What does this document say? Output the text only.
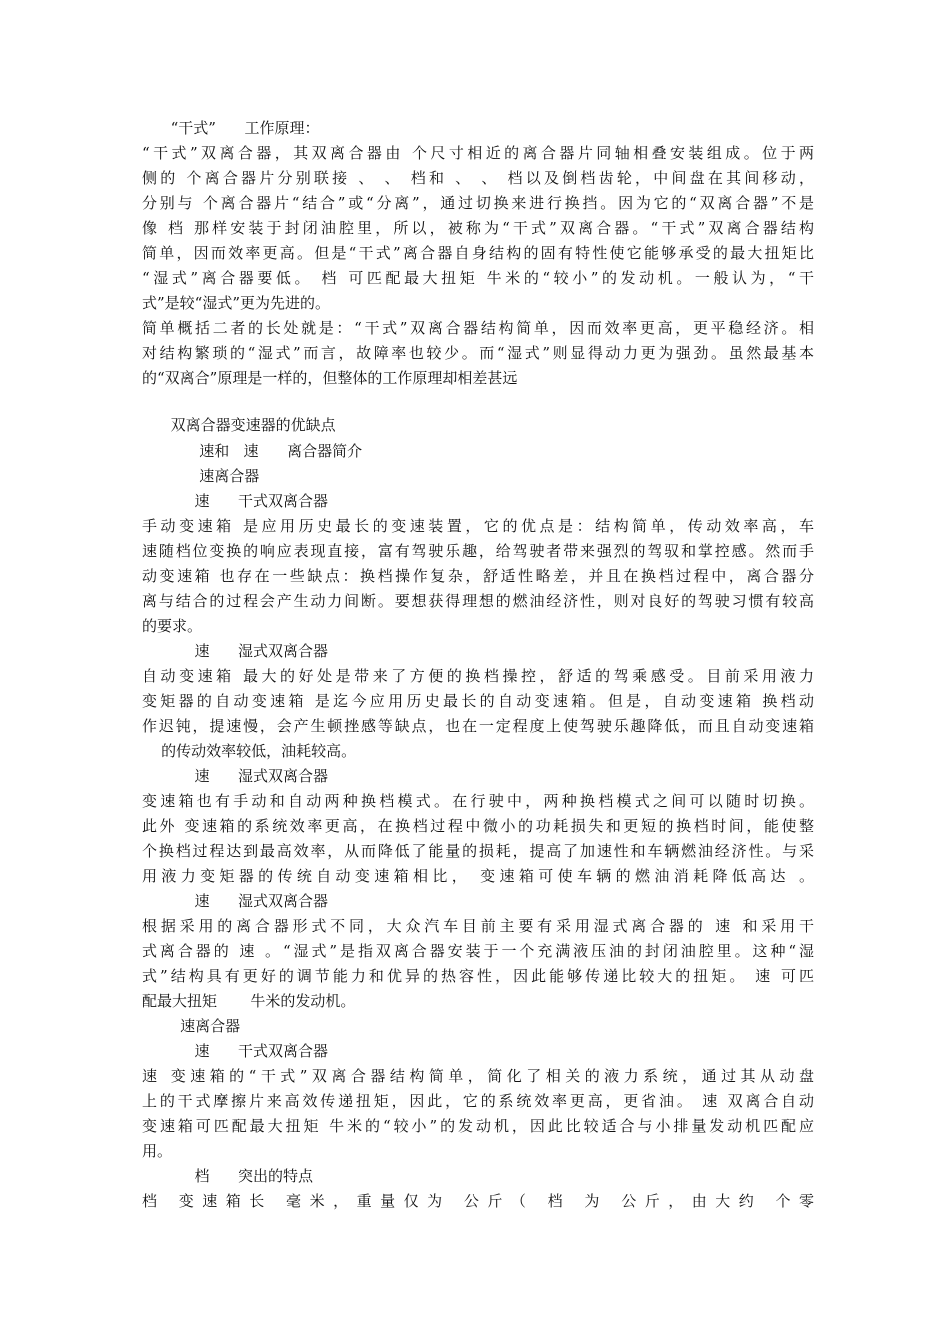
“干式”      工作原理：
“干式”双离合器，其双离合器由 个尺寸相近的离合器片同轴相叠安装组成。位于两
侧的 个离合器片分别联接 、 、 档和 、 、 档以及倒档齿轮，中间盘在其间移动，
分别与 个离合器片“结合”或“分离”，通过切换来进行换挡。因为它的“双离合器”不是
像 档 那样安装于封闭油腔里，所以，被称为“干式”双离合器。“干式”双离合器结构
简单，因而效率更高。但是“干式”离合器自身结构的固有特性使它能够承受的最大扭矩比
“湿式”离合器要低。 档 可匹配最大扭矩 牛米的“较小”的发动机。一般认为，“干
式”是较“湿式”更为先进的。
简单概括二者的长处就是：“干式”双离合器结构简单，因而效率更高，更平稳经济。相
对结构繁琐的“湿式”而言，故障率也较少。而“湿式”则显得动力更为强劲。虽然最基本
的“双离合”原理是一样的，但整体的工作原理却相差甚远
双离合器变速器的优缺点
速和   速      离合器简介
速离合器
速      干式双离合器
手动变速箱 是应用历史最长的变速装置，它的优点是：结构简单，传动效率高，车
速随档位变换的响应表现直接，富有驾驶乐趣，给驾驶者带来强烈的驾驭和掌控感。然而手
动变速箱 也存在一些缺点：换档操作复杂，舒适性略差，并且在换档过程中，离合器分
离与结合的过程会产生动力间断。要想获得理想的燃油经济性，则对良好的驾驶习惯有较高
的要求。
速      湿式双离合器
自动变速箱 最大的好处是带来了方便的换档操控，舒适的驾乘感受。目前采用液力
变矩器的自动变速箱 是迄今应用历史最长的自动变速箱。但是，自动变速箱 换档动
作迟钝，提速慢，会产生顿挫感等缺点，也在一定程度上使驾驶乐趣降低，而且自动变速箱
的传动效率较低，油耗较高。
速      湿式双离合器
变速箱也有手动和自动两种换档模式。在行驶中，两种换档模式之间可以随时切换。
此外 变速箱的系统效率更高，在换档过程中微小的功耗损失和更短的换档时间，能使整
个换档过程达到最高效率，从而降低了能量的损耗，提高了加速性和车辆燃油经济性。与采
用液力变矩器的传统自动变速箱相比， 变速箱可使车辆的燃油消耗降低高达 。
速      湿式双离合器
根据采用的离合器形式不同，大众汽车目前主要有采用湿式离合器的 速 和采用干
式离合器的 速 。“湿式”是指双离合器安装于一个充满液压油的封闭油腔里。这种“湿
式”结构具有更好的调节能力和优异的热容性，因此能够传递比较大的扭矩。 速 可匹
配最大扭矩       牛米的发动机。
速离合器
速      干式双离合器
速 变速箱的“干式”双离合器结构简单，简化了相关的液力系统，通过其从动盘
上的干式摩擦片来高效传递扭矩，因此，它的系统效率更高，更省油。 速 双离合自动
变速箱可匹配最大扭矩 牛米的“较小”的发动机，因此比较适合与小排量发动机匹配应
用。
档      突出的特点
档 变速箱长 毫米，重量仅为 公斤（ 档 为 公斤，由大约 个零
